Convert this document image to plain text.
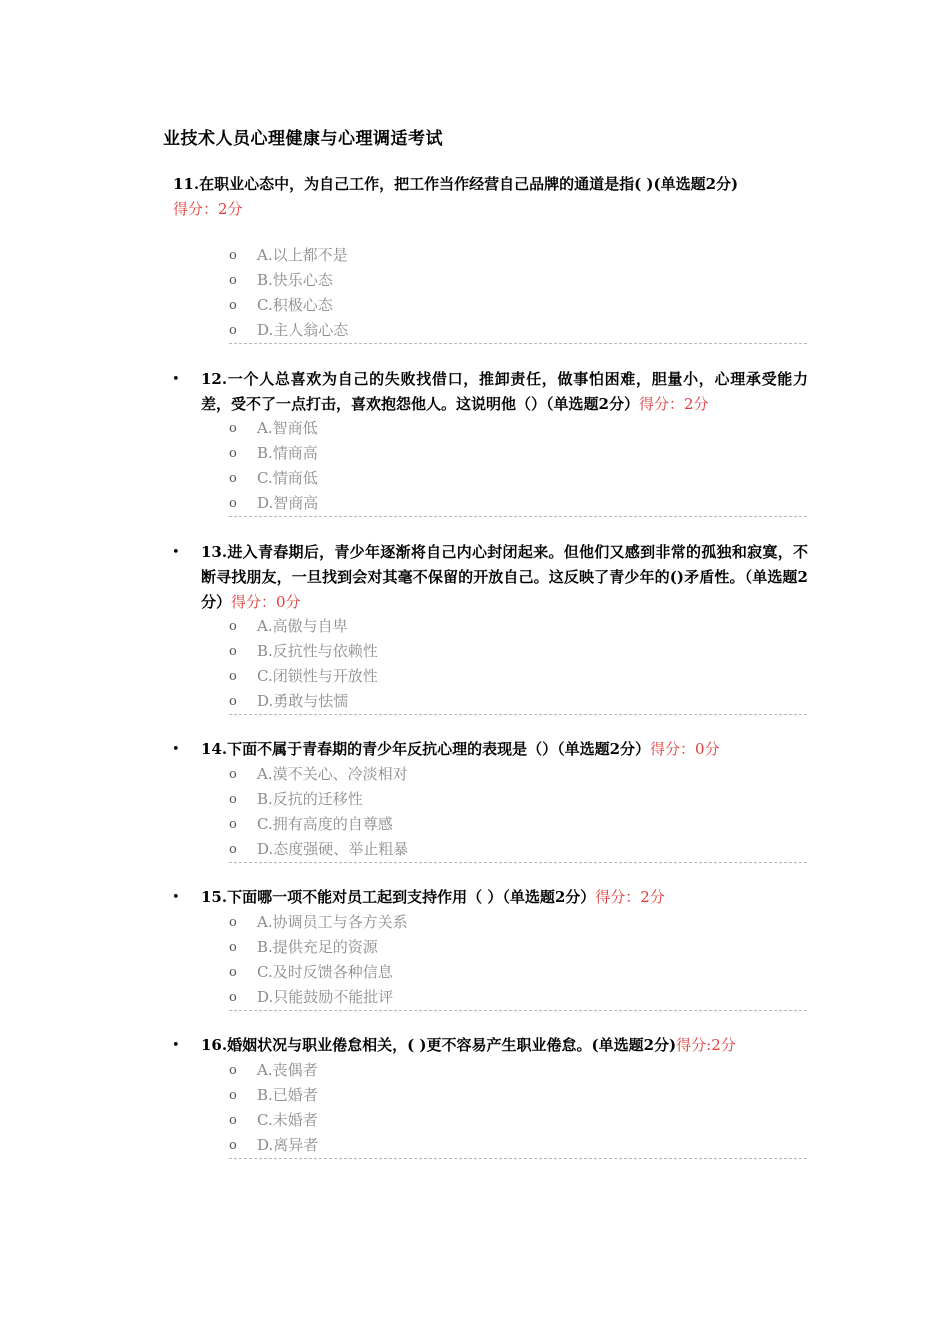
业技术人员心理健康与心理调适考试
11.在职业心态中，为自己工作，把工作当作经营自己品牌的通道是指( )(单选题2分)
得分：2分
o A.以上都不是
o B.快乐心态
o C.积极心态
o D.主人翁心态
• 12.一个人总喜欢为自己的失败找借口，推卸责任，做事怕困难，胆量小，心理承受能力差，受不了一点打击，喜欢抱怨他人。这说明他（）（单选题2分）得分：2分
o A.智商低
o B.情商高
o C.情商低
o D.智商高
• 13.进入青春期后，青少年逐渐将自己内心封闭起来。但他们又感到非常的孤独和寂寞，不断寻找朋友，一旦找到会对其毫不保留的开放自己。这反映了青少年的()矛盾性。（单选题2分）得分：0分
o A.高傲与自卑
o B.反抗性与依赖性
o C.闭锁性与开放性
o D.勇敢与怯懦
• 14.下面不属于青春期的青少年反抗心理的表现是（）（单选题2分）得分：0分
o A.漠不关心、冷淡相对
o B.反抗的迁移性
o C.拥有高度的自尊感
o D.态度强硬、举止粗暴
• 15.下面哪一项不能对员工起到支持作用（ ）（单选题2分）得分：2分
o A.协调员工与各方关系
o B.提供充足的资源
o C.及时反馈各种信息
o D.只能鼓励不能批评
• 16.婚姻状况与职业倦怠相关，( )更不容易产生职业倦怠。(单选题2分)得分:2分
o A.丧偶者
o B.已婚者
o C.未婚者
o D.离异者
